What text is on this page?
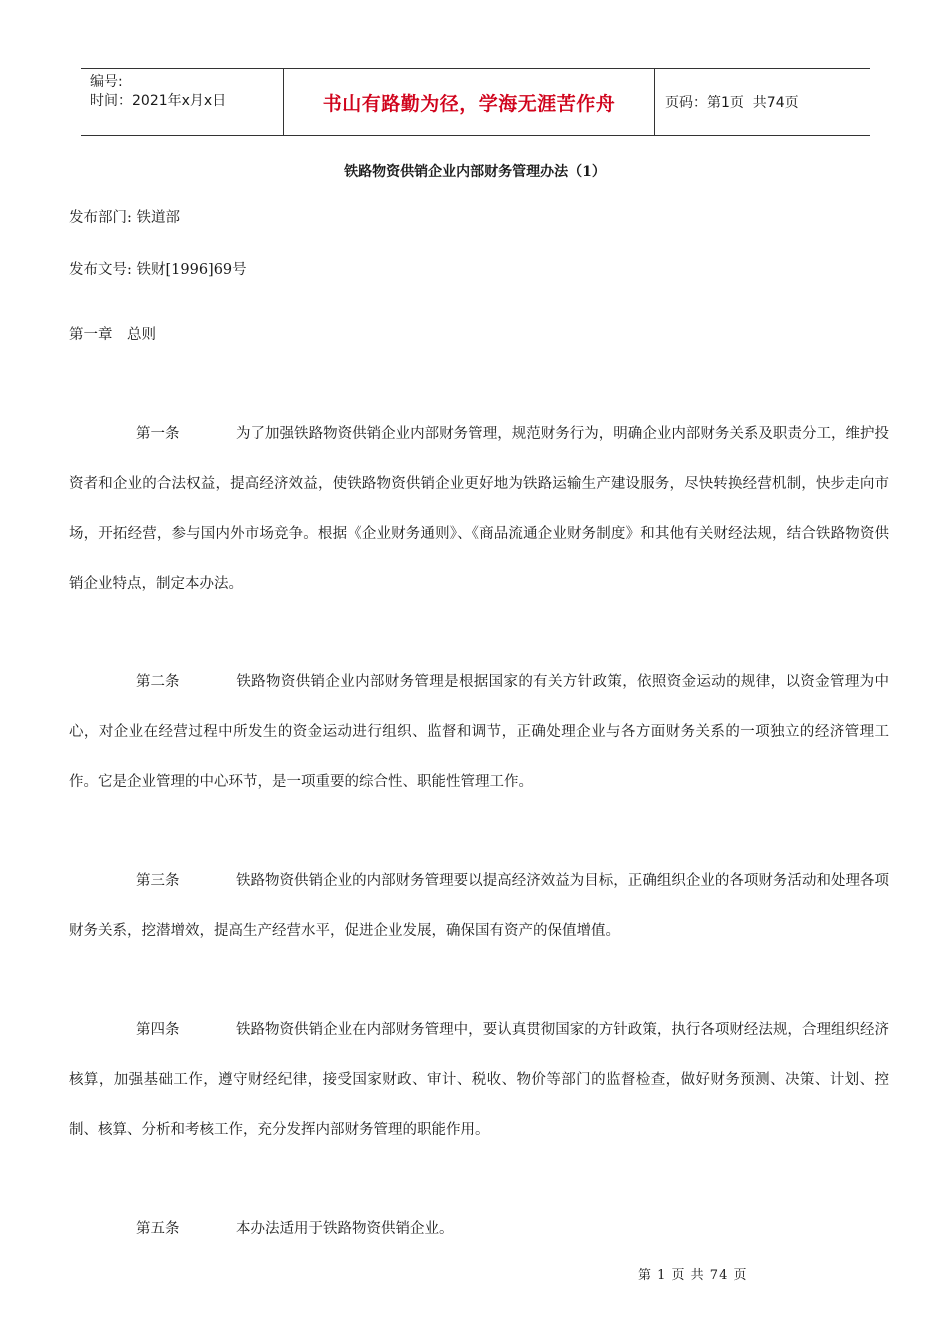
编号:
时间：2021年x月x日	书山有路勤为径，学海无涯苦作舟	页码：第1页  共74页
铁路物资供销企业内部财务管理办法（1）
发布部门: 铁道部
发布文号: 铁财[1996]69号
第一章　总则
第一条	为了加强铁路物资供销企业内部财务管理，规范财务行为，明确企业内部财务关系及职责分工，维护投资者和企业的合法权益，提高经济效益，使铁路物资供销企业更好地为铁路运输生产建设服务，尽快转换经营机制，快步走向市场，开拓经营，参与国内外市场竞争。根据《企业财务通则》、《商品流通企业财务制度》和其他有关财经法规，结合铁路物资供销企业特点，制定本办法。
第二条	铁路物资供销企业内部财务管理是根据国家的有关方针政策，依照资金运动的规律，以资金管理为中心，对企业在经营过程中所发生的资金运动进行组织、监督和调节，正确处理企业与各方面财务关系的一项独立的经济管理工作。它是企业管理的中心环节，是一项重要的综合性、职能性管理工作。
第三条	铁路物资供销企业的内部财务管理要以提高经济效益为目标，正确组织企业的各项财务活动和处理各项财务关系，挖潜增效，提高生产经营水平，促进企业发展，确保国有资产的保值增值。
第四条	铁路物资供销企业在内部财务管理中，要认真贯彻国家的方针政策，执行各项财经法规，合理组织经济核算，加强基础工作，遵守财经纪律，接受国家财政、审计、税收、物价等部门的监督检查，做好财务预测、决策、计划、控制、核算、分析和考核工作，充分发挥内部财务管理的职能作用。
第五条	本办法适用于铁路物资供销企业。
第 1 页 共 74 页
